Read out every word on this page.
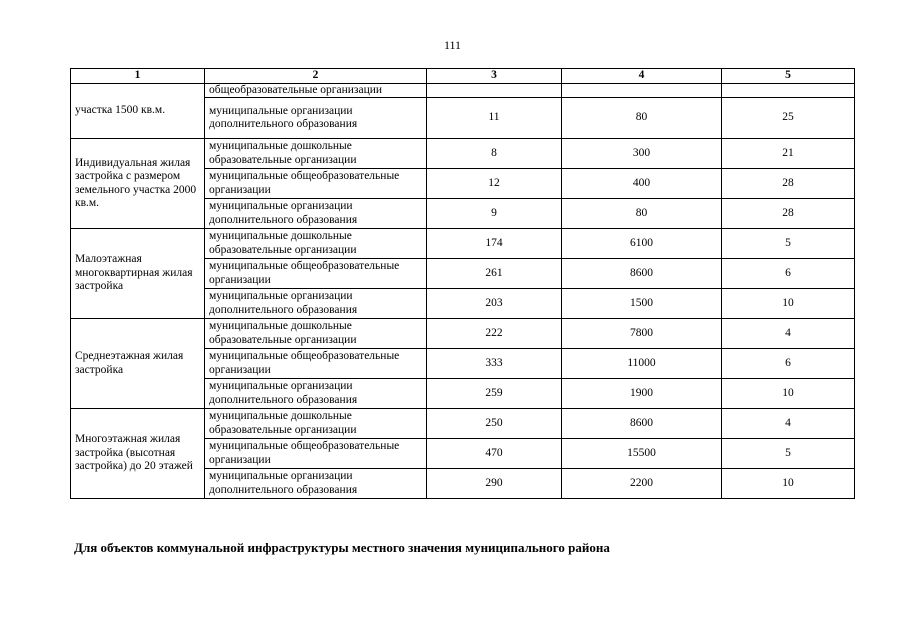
111
1	2	3	4	5
участка 1500 кв.м.	общеобразовательные организации			
	муниципальные организации дополнительного образования	11	80	25
Индивидуальная жилая застройка с размером земельного участка 2000 кв.м.	муниципальные дошкольные образовательные организации	8	300	21
	муниципальные общеобразовательные организации	12	400	28
	муниципальные организации дополнительного образования	9	80	28
Малоэтажная многоквартирная жилая застройка	муниципальные дошкольные образовательные организации	174	6100	5
	муниципальные общеобразовательные организации	261	8600	6
	муниципальные организации дополнительного образования	203	1500	10
Среднеэтажная жилая застройка	муниципальные дошкольные образовательные организации	222	7800	4
	муниципальные общеобразовательные организации	333	11000	6
	муниципальные организации дополнительного образования	259	1900	10
Многоэтажная жилая застройка (высотная застройка) до 20 этажей	муниципальные дошкольные образовательные организации	250	8600	4
	муниципальные общеобразовательные организации	470	15500	5
	муниципальные организации дополнительного образования	290	2200	10
Для объектов коммунальной инфраструктуры местного значения муниципального района
